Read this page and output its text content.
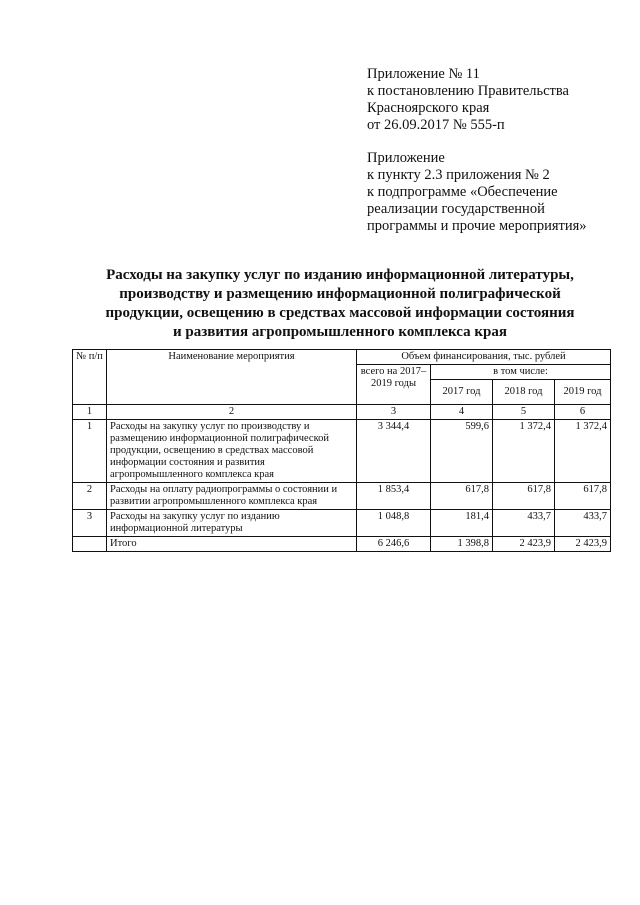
Приложение № 11
к постановлению Правительства
Красноярского края
от 26.09.2017 № 555-п
Приложение
к пункту 2.3 приложения № 2
к подпрограмме «Обеспечение
реализации государственной
программы и прочие мероприятия»
Расходы на закупку услуг по изданию информационной литературы,
производству и размещению информационной полиграфической
продукции, освещению в средствах массовой информации состояния
и развития агропромышленного комплекса края
№ п/п	Наименование мероприятия	Объем финансирования, тыс. рублей			
		всего на 2017–2019 годы	в том числе:		
			2017 год	2018 год	2019 год
1	2	3	4	5	6
1	Расходы на закупку услуг по производству и размещению информационной полиграфической продукции, освещению в средствах массовой информации состояния и развития агропромышленного комплекса края	3 344,4	599,6	1 372,4	1 372,4
2	Расходы на оплату радиопрограммы о состоянии и развитии агропромышленного комплекса края	1 853,4	617,8	617,8	617,8
3	Расходы на закупку услуг по изданию информационной литературы	1 048,8	181,4	433,7	433,7
	Итого	6 246,6	1 398,8	2 423,9	2 423,9
